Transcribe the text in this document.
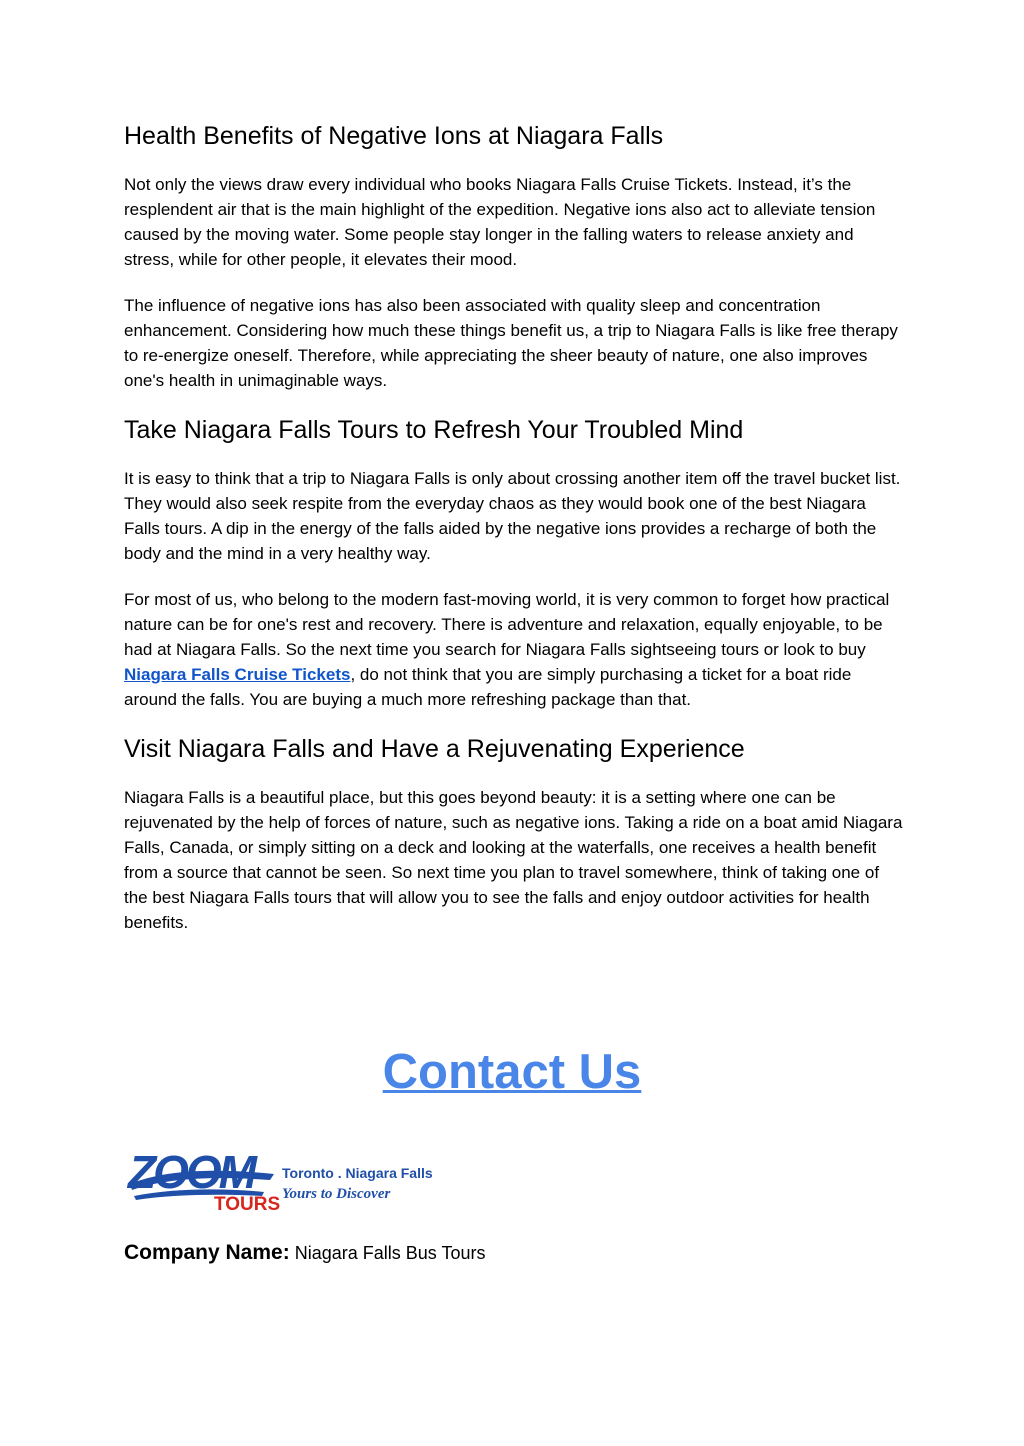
Health Benefits of Negative Ions at Niagara Falls

Not only the views draw every individual who books Niagara Falls Cruise Tickets. Instead, it’s the resplendent air that is the main highlight of the expedition. Negative ions also act to alleviate tension caused by the moving water. Some people stay longer in the falling waters to release anxiety and stress, while for other people, it elevates their mood.

The influence of negative ions has also been associated with quality sleep and concentration enhancement. Considering how much these things benefit us, a trip to Niagara Falls is like free therapy to re-energize oneself. Therefore, while appreciating the sheer beauty of nature, one also improves one's health in unimaginable ways.

Take Niagara Falls Tours to Refresh Your Troubled Mind

It is easy to think that a trip to Niagara Falls is only about crossing another item off the travel bucket list. They would also seek respite from the everyday chaos as they would book one of the best Niagara Falls tours. A dip in the energy of the falls aided by the negative ions provides a recharge of both the body and the mind in a very healthy way.

For most of us, who belong to the modern fast-moving world, it is very common to forget how practical nature can be for one's rest and recovery. There is adventure and relaxation, equally enjoyable, to be had at Niagara Falls. So the next time you search for Niagara Falls sightseeing tours or look to buy Niagara Falls Cruise Tickets, do not think that you are simply purchasing a ticket for a boat ride around the falls. You are buying a much more refreshing package than that.

Visit Niagara Falls and Have a Rejuvenating Experience

Niagara Falls is a beautiful place, but this goes beyond beauty: it is a setting where one can be rejuvenated by the help of forces of nature, such as negative ions. Taking a ride on a boat amid Niagara Falls, Canada, or simply sitting on a deck and looking at the waterfalls, one receives a health benefit from a source that cannot be seen. So next time you plan to travel somewhere, think of taking one of the best Niagara Falls tours that will allow you to see the falls and enjoy outdoor activities for health benefits.

Contact Us
ZOOM
TOURS
Toronto . Niagara Falls
Yours to Discover
Company Name: Niagara Falls Bus Tours
